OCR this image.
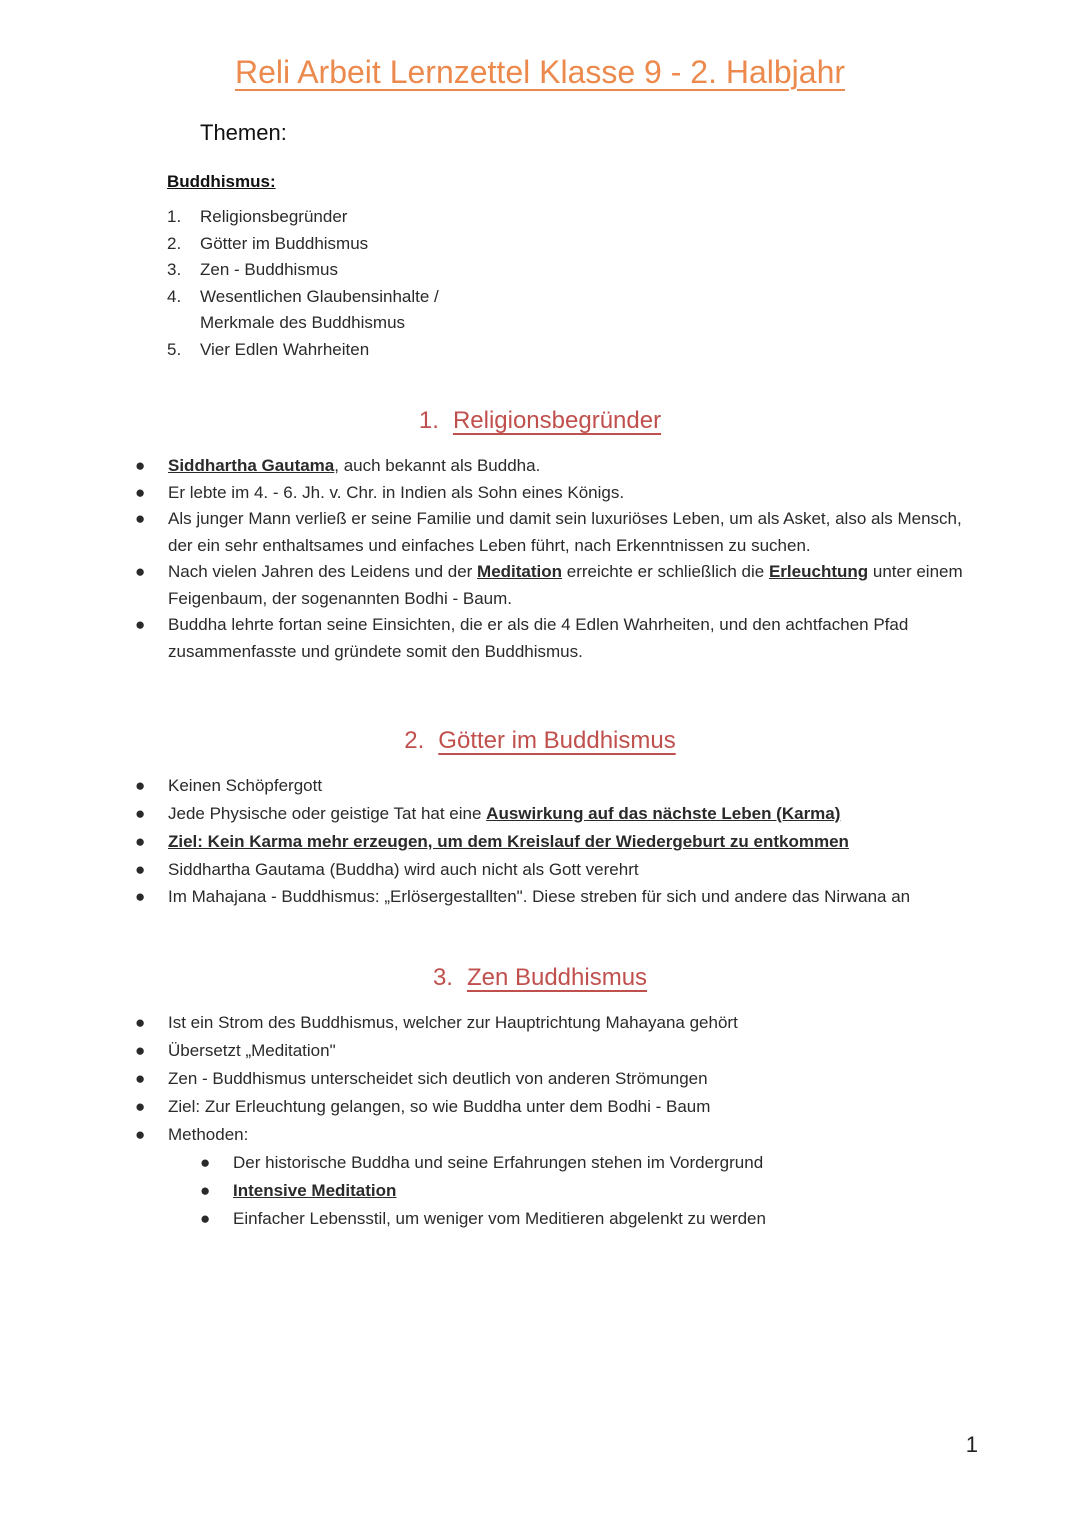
Reli Arbeit Lernzettel Klasse 9 - 2. Halbjahr
Themen:
Buddhismus:
1.	Religionsbegründer
2.	Götter im Buddhismus
3.	Zen - Buddhismus
4.	Wesentlichen Glaubensinhalte / Merkmale des Buddhismus
5.	Vier Edlen Wahrheiten
1. Religionsbegründer
● Siddhartha Gautama, auch bekannt als Buddha.
● Er lebte im 4. - 6. Jh. v. Chr. in Indien als Sohn eines Königs.
● Als junger Mann verließ er seine Familie und damit sein luxuriöses Leben, um als Asket, also als Mensch, der ein sehr enthaltsames und einfaches Leben führt, nach Erkenntnissen zu suchen.
● Nach vielen Jahren des Leidens und der Meditation erreichte er schließlich die Erleuchtung unter einem Feigenbaum, der sogenannten Bodhi - Baum.
● Buddha lehrte fortan seine Einsichten, die er als die 4 Edlen Wahrheiten, und den achtfachen Pfad zusammenfasste und gründete somit den Buddhismus.
2. Götter im Buddhismus
● Keinen Schöpfergott
● Jede Physische oder geistige Tat hat eine Auswirkung auf das nächste Leben (Karma)
● Ziel: Kein Karma mehr erzeugen, um dem Kreislauf der Wiedergeburt zu entkommen
● Siddhartha Gautama (Buddha) wird auch nicht als Gott verehrt
● Im Mahajana - Buddhismus: „Erlösergestallten". Diese streben für sich und andere das Nirwana an
3. Zen Buddhismus
● Ist ein Strom des Buddhismus, welcher zur Hauptrichtung Mahayana gehört
● Übersetzt „Meditation"
● Zen - Buddhismus unterscheidet sich deutlich von anderen Strömungen
● Ziel: Zur Erleuchtung gelangen, so wie Buddha unter dem Bodhi - Baum
● Methoden:
● Der historische Buddha und seine Erfahrungen stehen im Vordergrund
● Intensive Meditation
● Einfacher Lebensstil, um weniger vom Meditieren abgelenkt zu werden
1
